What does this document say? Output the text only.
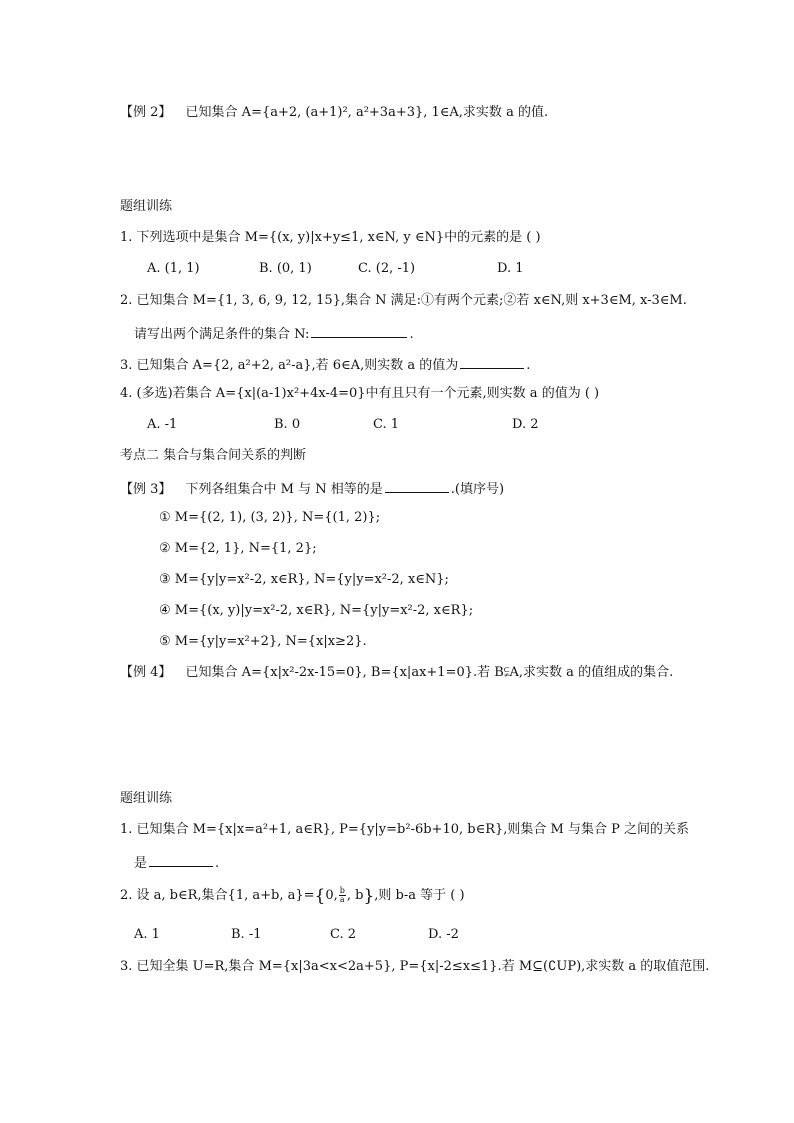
【例 2】 已知集合 A={a+2, (a+1)², a²+3a+3}, 1∈A,求实数 a 的值.
题组训练
1. 下列选项中是集合 M={(x, y)|x+y≤1, x∈N, y ∈N}中的元素的是 ( )
A. (1, 1)	B. (0, 1)	C. (2, -1)	D. 1
2. 已知集合 M={1, 3, 6, 9, 12, 15},集合 N 满足:①有两个元素;②若 x∈N,则 x+3∈M, x-3∈M.
请写出两个满足条件的集合 N:	.
3. 已知集合 A={2, a²+2, a²-a},若 6∈A,则实数 a 的值为	.
4. (多选)若集合 A={x|(a-1)x²+4x-4=0}中有且只有一个元素,则实数 a 的值为 ( )
A. -1	B. 0	C. 1	D. 2
考点二 集合与集合间关系的判断
【例 3】 下列各组集合中 M 与 N 相等的是	.(填序号)
① M={(2, 1), (3, 2)}, N={(1, 2)};
② M={2, 1}, N={1, 2};
③ M={y|y=x²-2, x∈R}, N={y|y=x²-2, x∈N};
④ M={(x, y)|y=x²-2, x∈R}, N={y|y=x²-2, x∈R};
⑤ M={y|y=x²+2}, N={x|x≥2}.
【例 4】 已知集合 A={x|x²-2x-15=0}, B={x|ax+1=0}.若 B⫋A,求实数 a 的值组成的集合.
题组训练
1. 已知集合 M={x|x=a²+1, a∈R}, P={y|y=b²-6b+10, b∈R},则集合 M 与集合 P 之间的关系
是	.
2. 设 a, b∈R,集合{1, a+b, a}={0, $\frac{b}{a}$ , b},则 b-a 等于 ( )
A. 1	B. -1	C. 2	D. -2
3. 已知全集 U=R,集合 M={x|3a<x<2a+5}, P={x|-2≤x≤1}.若 M⊆(∁UP),求实数 a 的取值范围.
